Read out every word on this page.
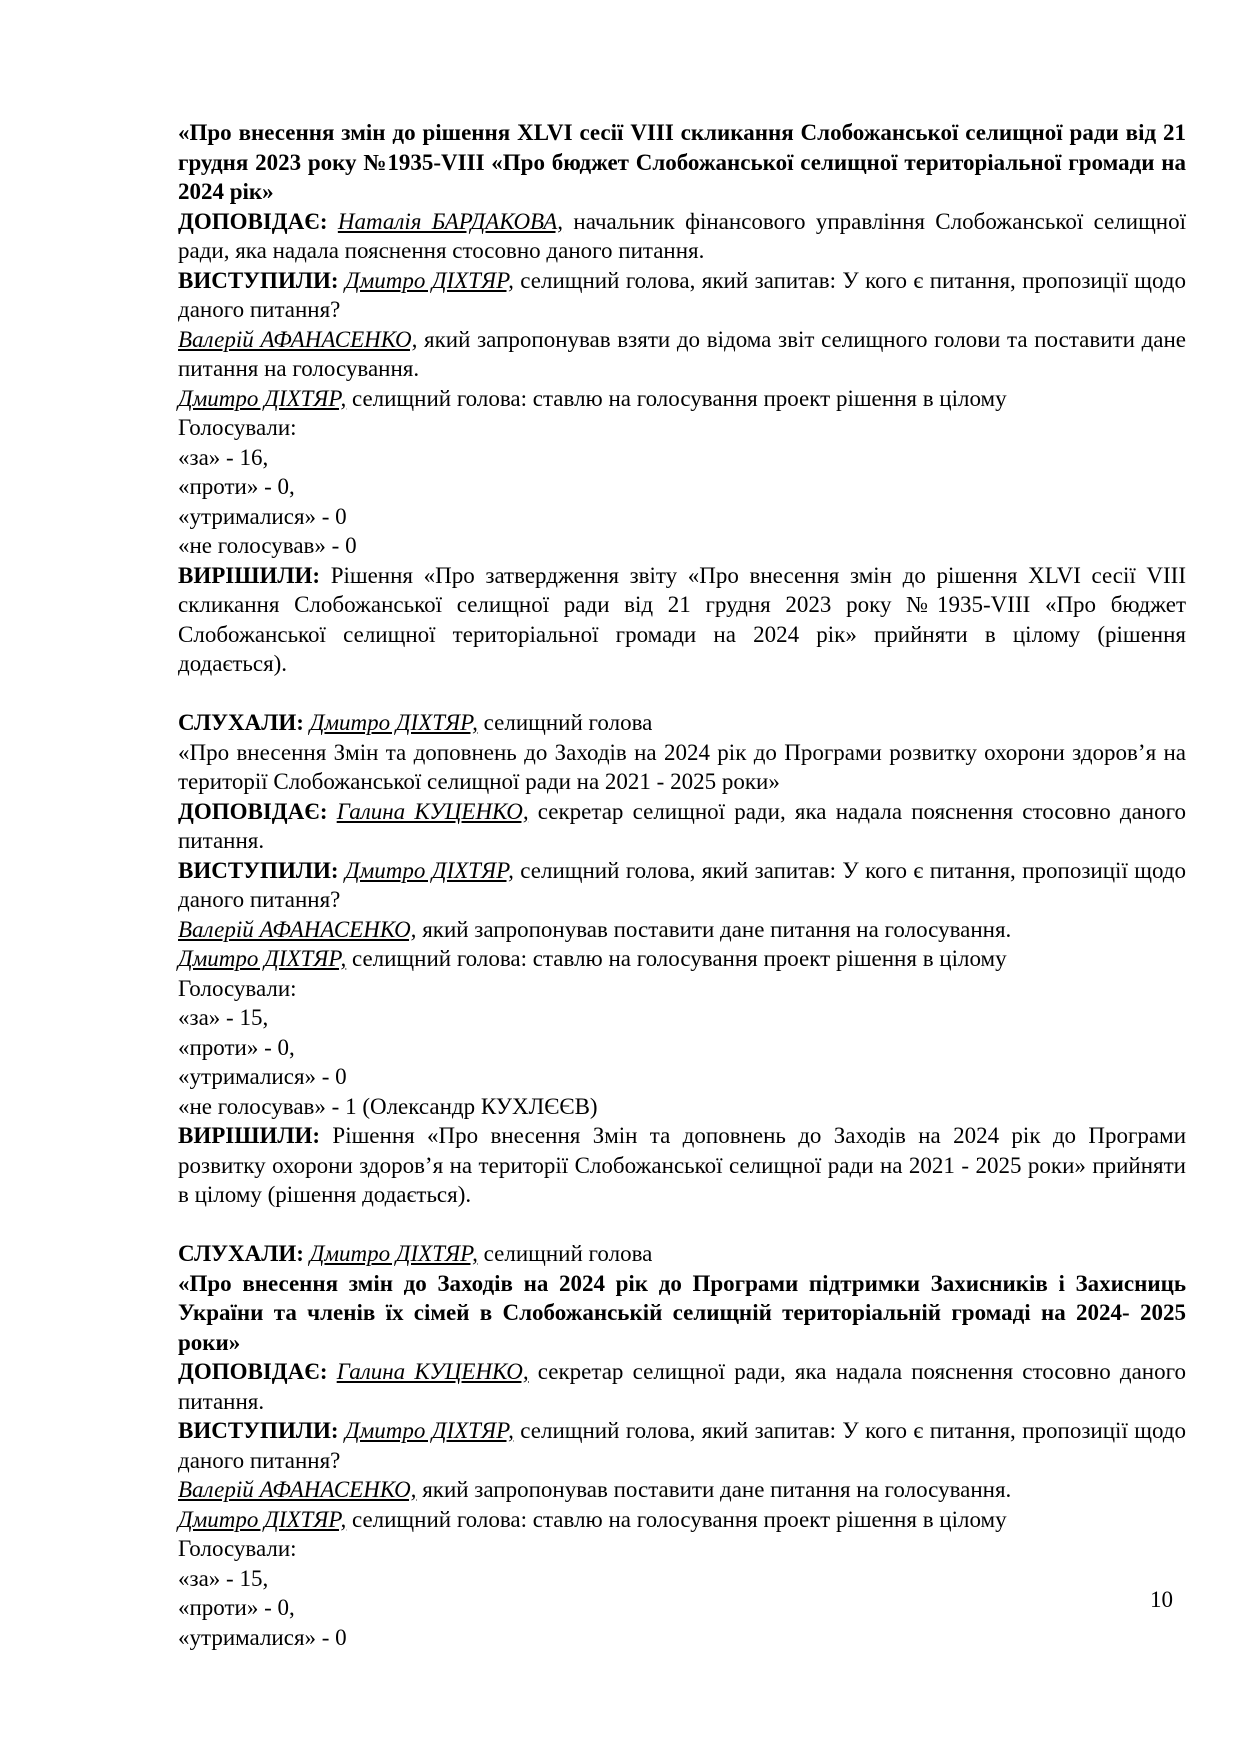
«Про внесення змін до рішення XLVI сесії VIII скликання Слобожанської селищної ради від 21 грудня 2023 року №1935-VIII «Про бюджет Слобожанської селищної територіальної громади на 2024 рік»

ДОПОВІДАЄ: Наталія БАРДАКОВА, начальник фінансового управління Слобожанської селищної ради, яка надала пояснення стосовно даного питання.

ВИСТУПИЛИ: Дмитро ДІХТЯР, селищний голова, який запитав: У кого є питання, пропозиції щодо даного питання?

Валерій АФАНАСЕНКО, який запропонував взяти до відома звіт селищного голови та поставити дане питання на голосування.

Дмитро ДІХТЯР, селищний голова: ставлю на голосування проект рішення в цілому

Голосували:

«за» - 16,

«проти» - 0,

«утрималися» - 0

«не голосував» - 0

ВИРІШИЛИ: Рішення «Про затвердження звіту «Про внесення змін до рішення XLVI сесії VIII скликання Слобожанської селищної ради від 21 грудня 2023 року №1935-VIII «Про бюджет Слобожанської селищної територіальної громади на 2024 рік» прийняти в цілому (рішення додається).

СЛУХАЛИ: Дмитро ДІХТЯР, селищний голова

«Про внесення Змін та доповнень до Заходів на 2024 рік до Програми розвитку охорони здоров’я на території Слобожанської селищної ради на 2021 - 2025 роки»

ДОПОВІДАЄ: Галина КУЦЕНКО, секретар селищної ради, яка надала пояснення стосовно даного питання.

ВИСТУПИЛИ: Дмитро ДІХТЯР, селищний голова, який запитав: У кого є питання, пропозиції щодо даного питання?

Валерій АФАНАСЕНКО, який запропонував поставити дане питання на голосування.

Дмитро ДІХТЯР, селищний голова: ставлю на голосування проект рішення в цілому

Голосували:

«за» - 15,

«проти» - 0,

«утрималися» - 0

«не голосував» - 1 (Олександр КУХЛЄЄВ)

ВИРІШИЛИ: Рішення «Про внесення Змін та доповнень до Заходів на 2024 рік до Програми розвитку охорони здоров’я на території Слобожанської селищної ради на 2021 - 2025 роки» прийняти в цілому (рішення додається).

СЛУХАЛИ: Дмитро ДІХТЯР, селищний голова

«Про внесення змін до Заходів на 2024 рік до Програми підтримки Захисників і Захисниць України та членів їх сімей в Слобожанській селищній територіальній громаді на 2024- 2025 роки»

ДОПОВІДАЄ: Галина КУЦЕНКО, секретар селищної ради, яка надала пояснення стосовно даного питання.

ВИСТУПИЛИ: Дмитро ДІХТЯР, селищний голова, який запитав: У кого є питання, пропозиції щодо даного питання?

Валерій АФАНАСЕНКО, який запропонував поставити дане питання на голосування.

Дмитро ДІХТЯР, селищний голова: ставлю на голосування проект рішення в цілому

Голосували:

«за» - 15,

«проти» - 0,

«утрималися» - 0

10
